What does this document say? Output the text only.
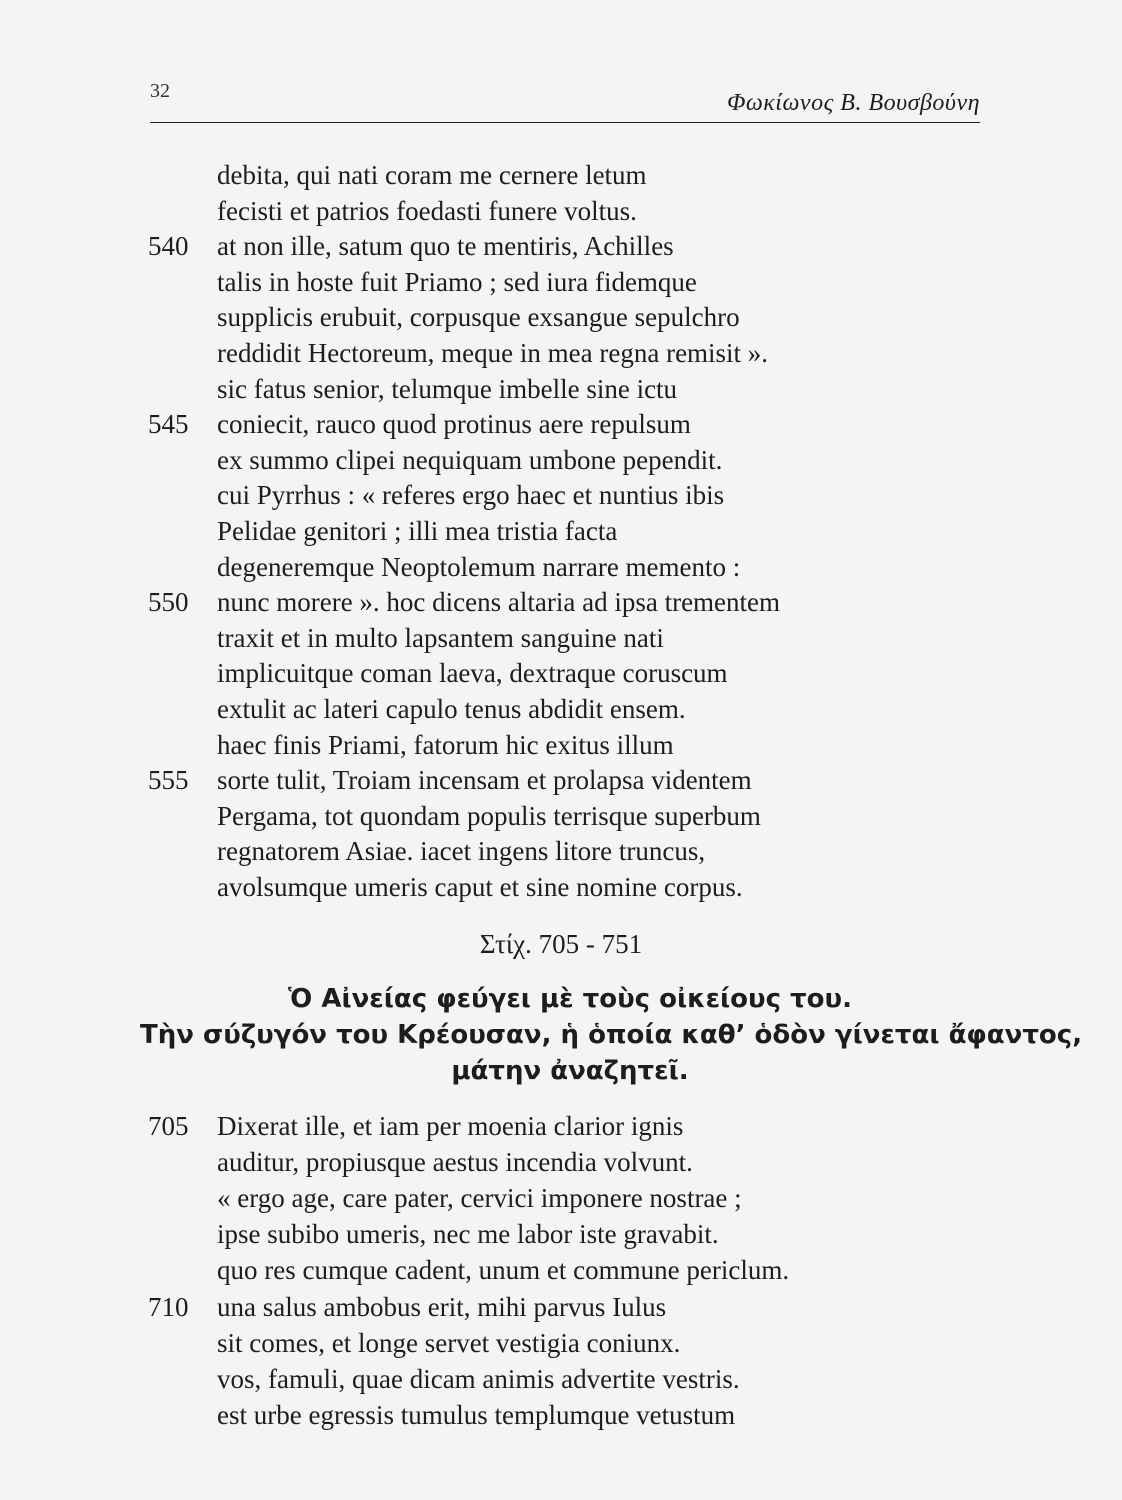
32	Φωκίωνος Β. Βουσβούνη
debita, qui nati coram me cernere letum
fecisti et patrios foedasti funere voltus.
540	at non ille, satum quo te mentiris, Achilles
talis in hoste fuit Priamo ; sed iura fidemque
supplicis erubuit, corpusque exsangue sepulchro
reddidit Hectoreum, meque in mea regna remisit ».
sic fatus senior, telumque imbelle sine ictu
545	coniecit, rauco quod protinus aere repulsum
ex summo clipei nequiquam umbone pependit.
cui Pyrrhus : « referes ergo haec et nuntius ibis
Pelidae genitori ; illi mea tristia facta
degeneremque Neoptolemum narrare memento :
550	nunc morere ». hoc dicens altaria ad ipsa trementem
traxit et in multo lapsantem sanguine nati
implicuitque coman laeva, dextraque coruscum
extulit ac lateri capulo tenus abdidit ensem.
haec finis Priami, fatorum hic exitus illum
555	sorte tulit, Troiam incensam et prolapsa videntem
Pergama, tot quondam populis terrisque superbum
regnatorem Asiae. iacet ingens litore truncus,
avolsumque umeris caput et sine nomine corpus.
Στίχ. 705 - 751
Ὁ Αἰνείας φεύγει μὲ τοὺς οἰκείους του.
Τὴν σύζυγόν του Κρέουσαν, ἡ ὁποία καθ’ ὁδὸν γίνεται ἄφαντος,
μάτην ἀναζητεῖ.
705	Dixerat ille, et iam per moenia clarior ignis
auditur, propiusque aestus incendia volvunt.
« ergo age, care pater, cervici imponere nostrae ;
ipse subibo umeris, nec me labor iste gravabit.
quo res cumque cadent, unum et commune periclum.
710	una salus ambobus erit, mihi parvus Iulus
sit comes, et longe servet vestigia coniunx.
vos, famuli, quae dicam animis advertite vestris.
est urbe egressis tumulus templumque vetustum
